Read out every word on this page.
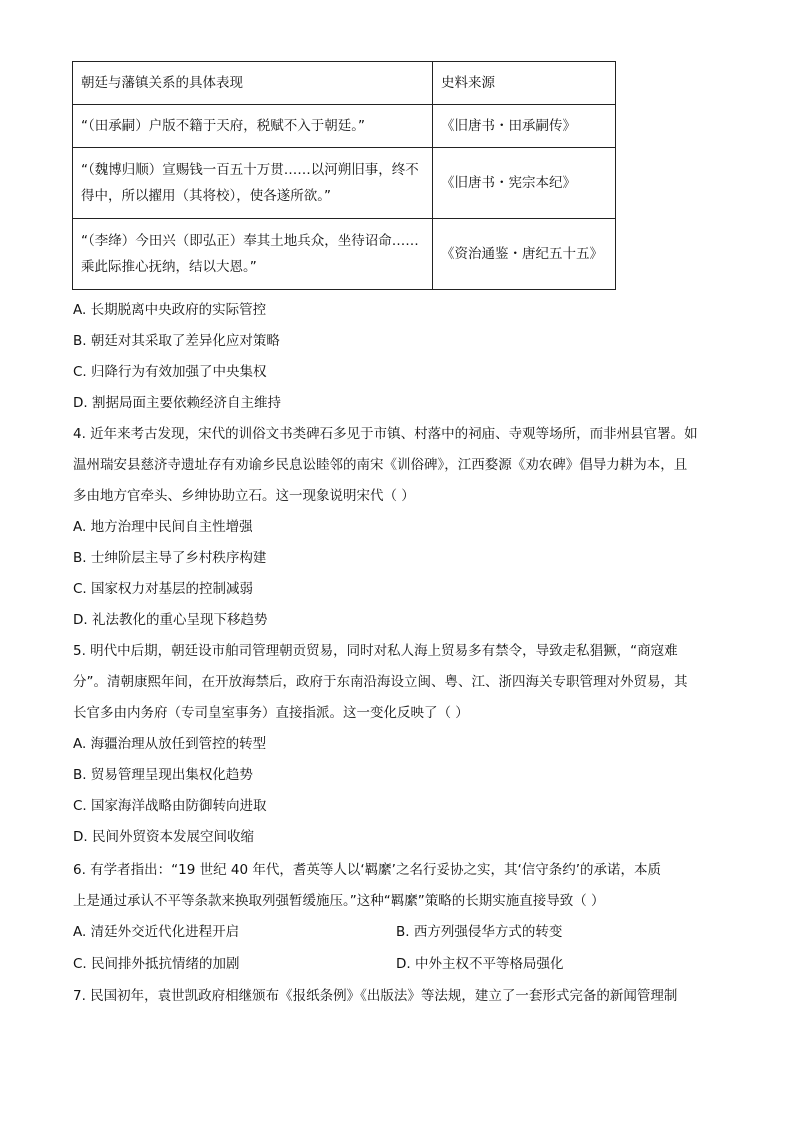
朝廷与藩镇关系的具体表现	史料来源
“（田承嗣）户版不籍于天府，税赋不入于朝廷。”	《旧唐书・田承嗣传》
“（魏博归顺）宣赐钱一百五十万贯……以河朔旧事，终不得中，所以擢用（其将校），使各遂所欲。”	《旧唐书・宪宗本纪》
“（李绛）今田兴（即弘正）奉其土地兵众，坐待诏命……乘此际推心抚纳，结以大恩。”	《资治通鉴・唐纪五十五》
A. 长期脱离中央政府的实际管控
B. 朝廷对其采取了差异化应对策略
C. 归降行为有效加强了中央集权
D. 割据局面主要依赖经济自主维持
4. 近年来考古发现，宋代的训俗文书类碑石多见于市镇、村落中的祠庙、寺观等场所，而非州县官署。如
温州瑞安县慈济寺遗址存有劝谕乡民息讼睦邻的南宋《训俗碑》，江西婺源《劝农碑》倡导力耕为本，且
多由地方官牵头、乡绅协助立石。这一现象说明宋代（ ）
A. 地方治理中民间自主性增强
B. 士绅阶层主导了乡村秩序构建
C. 国家权力对基层的控制减弱
D. 礼法教化的重心呈现下移趋势
5. 明代中后期，朝廷设市舶司管理朝贡贸易，同时对私人海上贸易多有禁令，导致走私猖獗，“商寇难
分”。清朝康熙年间，在开放海禁后，政府于东南沿海设立闽、粤、江、浙四海关专职管理对外贸易，其
长官多由内务府（专司皇室事务）直接指派。这一变化反映了（ ）
A. 海疆治理从放任到管控的转型
B. 贸易管理呈现出集权化趋势
C. 国家海洋战略由防御转向进取
D. 民间外贸资本发展空间收缩
6. 有学者指出：“19 世纪 40 年代，耆英等人以‘羁縻’之名行妥协之实，其‘信守条约’的承诺，本质
上是通过承认不平等条款来换取列强暂缓施压。”这种“羁縻”策略的长期实施直接导致（ ）
A. 清廷外交近代化进程开启	B. 西方列强侵华方式的转变
C. 民间排外抵抗情绪的加剧	D. 中外主权不平等格局强化
7. 民国初年，袁世凯政府相继颁布《报纸条例》《出版法》等法规，建立了一套形式完备的新闻管理制
